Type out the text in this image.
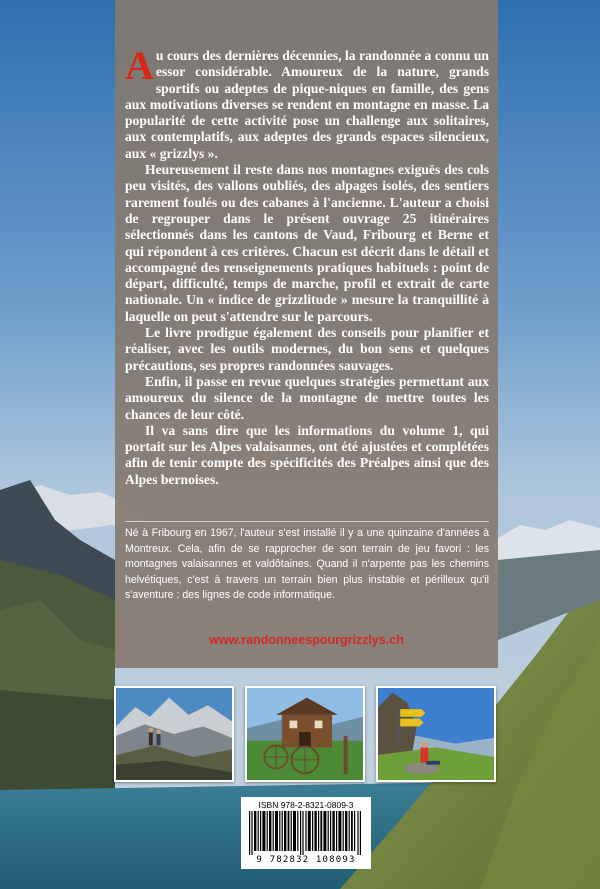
Au cours des dernières décennies, la randonnée a connu un essor considérable. Amoureux de la nature, grands sportifs ou adeptes de pique-niques en famille, des gens aux motivations diverses se rendent en montagne en masse. La popularité de cette activité pose un challenge aux solitaires, aux contemplatifs, aux adeptes des grands espaces silencieux, aux « grizzlys ».

Heureusement il reste dans nos montagnes exiguës des cols peu visités, des vallons oubliés, des alpages isolés, des sentiers rarement foulés ou des cabanes à l'ancienne. L'auteur a choisi de regrouper dans le présent ouvrage 25 itinéraires sélectionnés dans les cantons de Vaud, Fribourg et Berne et qui répondent à ces critères. Chacun est décrit dans le détail et accompagné des renseignements pratiques habituels : point de départ, difficulté, temps de marche, profil et extrait de carte nationale. Un « indice de grizzlitude » mesure la tranquillité à laquelle on peut s'attendre sur le parcours.

Le livre prodigue également des conseils pour planifier et réaliser, avec les outils modernes, du bon sens et quelques précautions, ses propres randonnées sauvages.

Enfin, il passe en revue quelques stratégies permettant aux amoureux du silence de la montagne de mettre toutes les chances de leur côté.

Il va sans dire que les informations du volume 1, qui portait sur les Alpes valaisannes, ont été ajustées et complétées afin de tenir compte des spécificités des Préalpes ainsi que des Alpes bernoises.

Né à Fribourg en 1967, l'auteur s'est installé il y a une quinzaine d'années à Montreux. Cela, afin de se rapprocher de son terrain de jeu favori : les montagnes valaisannes et valdôtaines. Quand il n'arpente pas les chemins helvétiques, c'est à travers un terrain bien plus instable et périlleux qu'il s'aventure : des lignes de code informatique.

www.randonneespourgrizzlys.ch
ISBN 978-2-8321-0809-3
9 782832 108093
